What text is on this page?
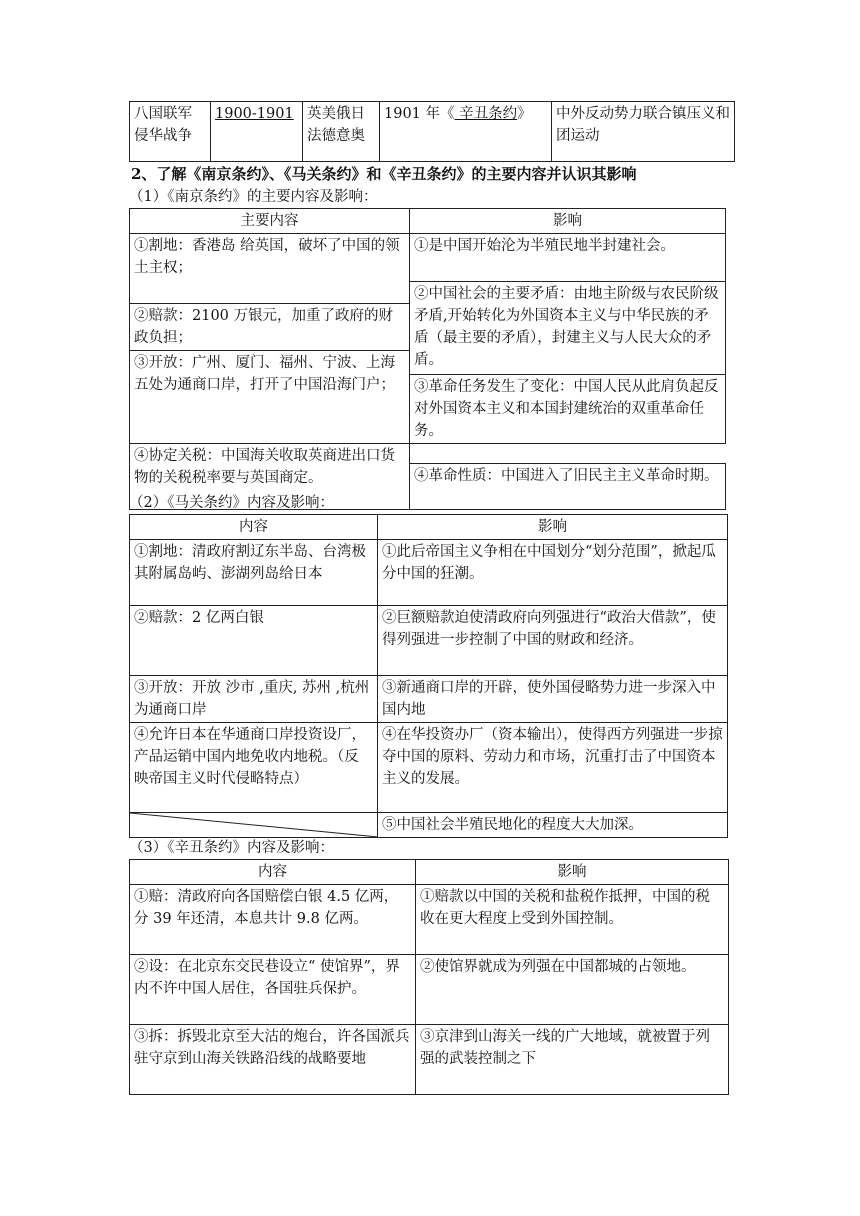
八国联军侵华战争	1900-1901	英美俄日法德意奥	1901 年《 辛丑条约》	中外反动势力联合镇压义和团运动
2、了解《南京条约》、《马关条约》和《辛丑条约》的主要内容并认识其影响
（1）《南京条约》的主要内容及影响：
主要内容	影响
①割地：香港岛 给英国，破坏了中国的领土主权；	①是中国开始沦为半殖民地半封建社会。
	②中国社会的主要矛盾：由地主阶级与农民阶级矛盾,开始转化为外国资本主义与中华民族的矛盾（最主要的矛盾），封建主义与人民大众的矛盾。
②赔款：2100 万银元，加重了政府的财政负担；	
③开放：广州、厦门、福州、宁波、上海五处为通商口岸，打开了中国沿海门户；	
	③革命任务发生了变化：中国人民从此肩负起反对外国资本主义和本国封建统治的双重革命任务。
④协定关税：中国海关收取英商进出口货物的关税税率要与英国商定。	
	④革命性质：中国进入了旧民主主义革命时期。
（2）《马关条约》内容及影响：
内容	影响
①割地：清政府割辽东半岛、台湾极其附属岛屿、澎湖列岛给日本	①此后帝国主义争相在中国划分“划分范围”，掀起瓜分中国的狂潮。
②赔款：2 亿两白银	②巨额赔款迫使清政府向列强进行“政治大借款”，使得列强进一步控制了中国的财政和经济。
③开放：开放 沙市 ,重庆, 苏州 ,杭州为通商口岸	③新通商口岸的开辟，使外国侵略势力进一步深入中国内地
④允许日本在华通商口岸投资设厂，产品运销中国内地免收内地税。（反映帝国主义时代侵略特点）	④在华投资办厂（资本输出），使得西方列强进一步掠夺中国的原料、劳动力和市场，沉重打击了中国资本主义的发展。

	⑤中国社会半殖民地化的程度大大加深。
（3）《辛丑条约》内容及影响：
内容	影响
①赔：清政府向各国赔偿白银 4.5 亿两，分 39 年还清，本息共计 9.8 亿两。	①赔款以中国的关税和盐税作抵押，中国的税收在更大程度上受到外国控制。
②设：在北京东交民巷设立“ 使馆界”，界内不许中国人居住，各国驻兵保护。	②使馆界就成为列强在中国都城的占领地。
③拆：拆毁北京至大沽的炮台，许各国派兵驻守京到山海关铁路沿线的战略要地	③京津到山海关一线的广大地域，就被置于列强的武装控制之下
